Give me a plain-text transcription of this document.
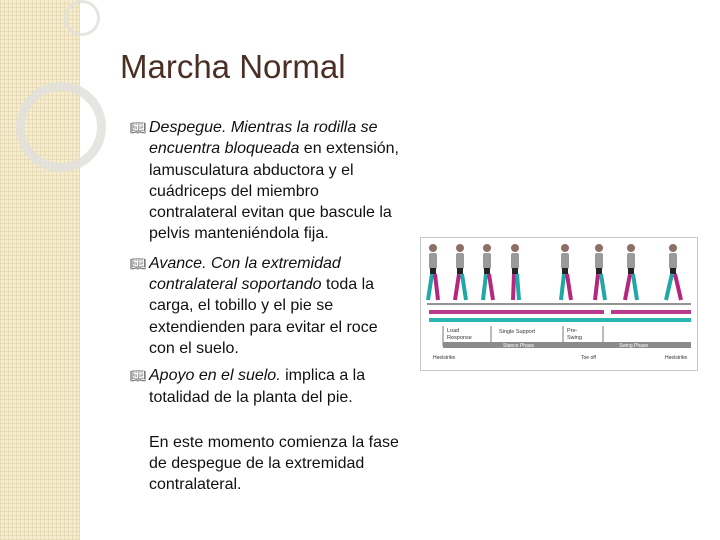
Marcha Normal
📖︎ Despegue. Mientras la rodilla se encuentra bloqueada en extensión, lamusculatura abductora y el cuádriceps del miembro contralateral evitan que bascule la pelvis manteniéndola fija.
📖︎ Avance. Con la extremidad contralateral soportando toda la carga, el tobillo y el pie se extendienden para evitar el roce con el suelo.
📖︎ Apoyo en el suelo. implica a la totalidad de la planta del pie.
En este momento comienza la fase de despegue de la extremidad contralateral.
Load
Response
Single Support	Pre-
Swing
Stance Phase	Swing Phase
Heelstrike	Toe off	Heelstrike
